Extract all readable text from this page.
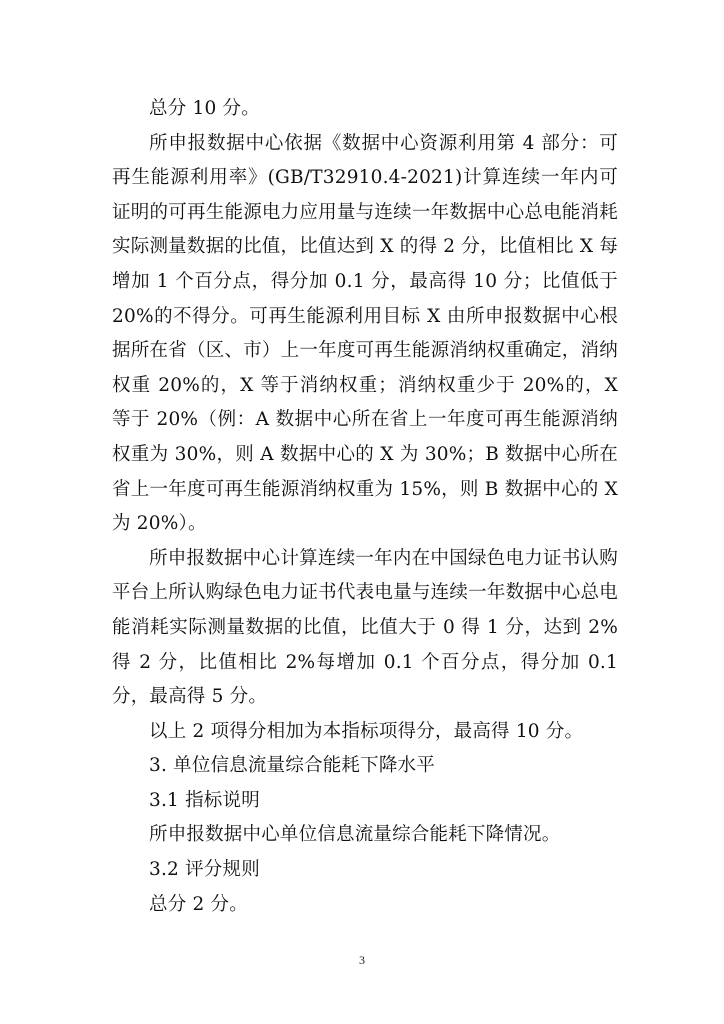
总分 10 分。

所申报数据中心依据《数据中心资源利用第 4 部分：可再生能源利用率》(GB/T32910.4-2021)计算连续一年内可证明的可再生能源电力应用量与连续一年数据中心总电能消耗实际测量数据的比值，比值达到 X 的得 2 分，比值相比 X 每增加 1 个百分点，得分加 0.1 分，最高得 10 分；比值低于 20%的不得分。可再生能源利用目标 X 由所申报数据中心根据所在省（区、市）上一年度可再生能源消纳权重确定，消纳权重 20%的，X 等于消纳权重；消纳权重少于 20%的，X 等于 20%（例：A 数据中心所在省上一年度可再生能源消纳权重为 30%，则 A 数据中心的 X 为 30%；B 数据中心所在省上一年度可再生能源消纳权重为 15%，则 B 数据中心的 X 为 20%）。

所申报数据中心计算连续一年内在中国绿色电力证书认购平台上所认购绿色电力证书代表电量与连续一年数据中心总电能消耗实际测量数据的比值，比值大于 0 得 1 分，达到 2%得 2 分，比值相比 2%每增加 0.1 个百分点，得分加 0.1 分，最高得 5 分。

以上 2 项得分相加为本指标项得分，最高得 10 分。

3. 单位信息流量综合能耗下降水平

3.1 指标说明

所申报数据中心单位信息流量综合能耗下降情况。

3.2 评分规则

总分 2 分。

3
